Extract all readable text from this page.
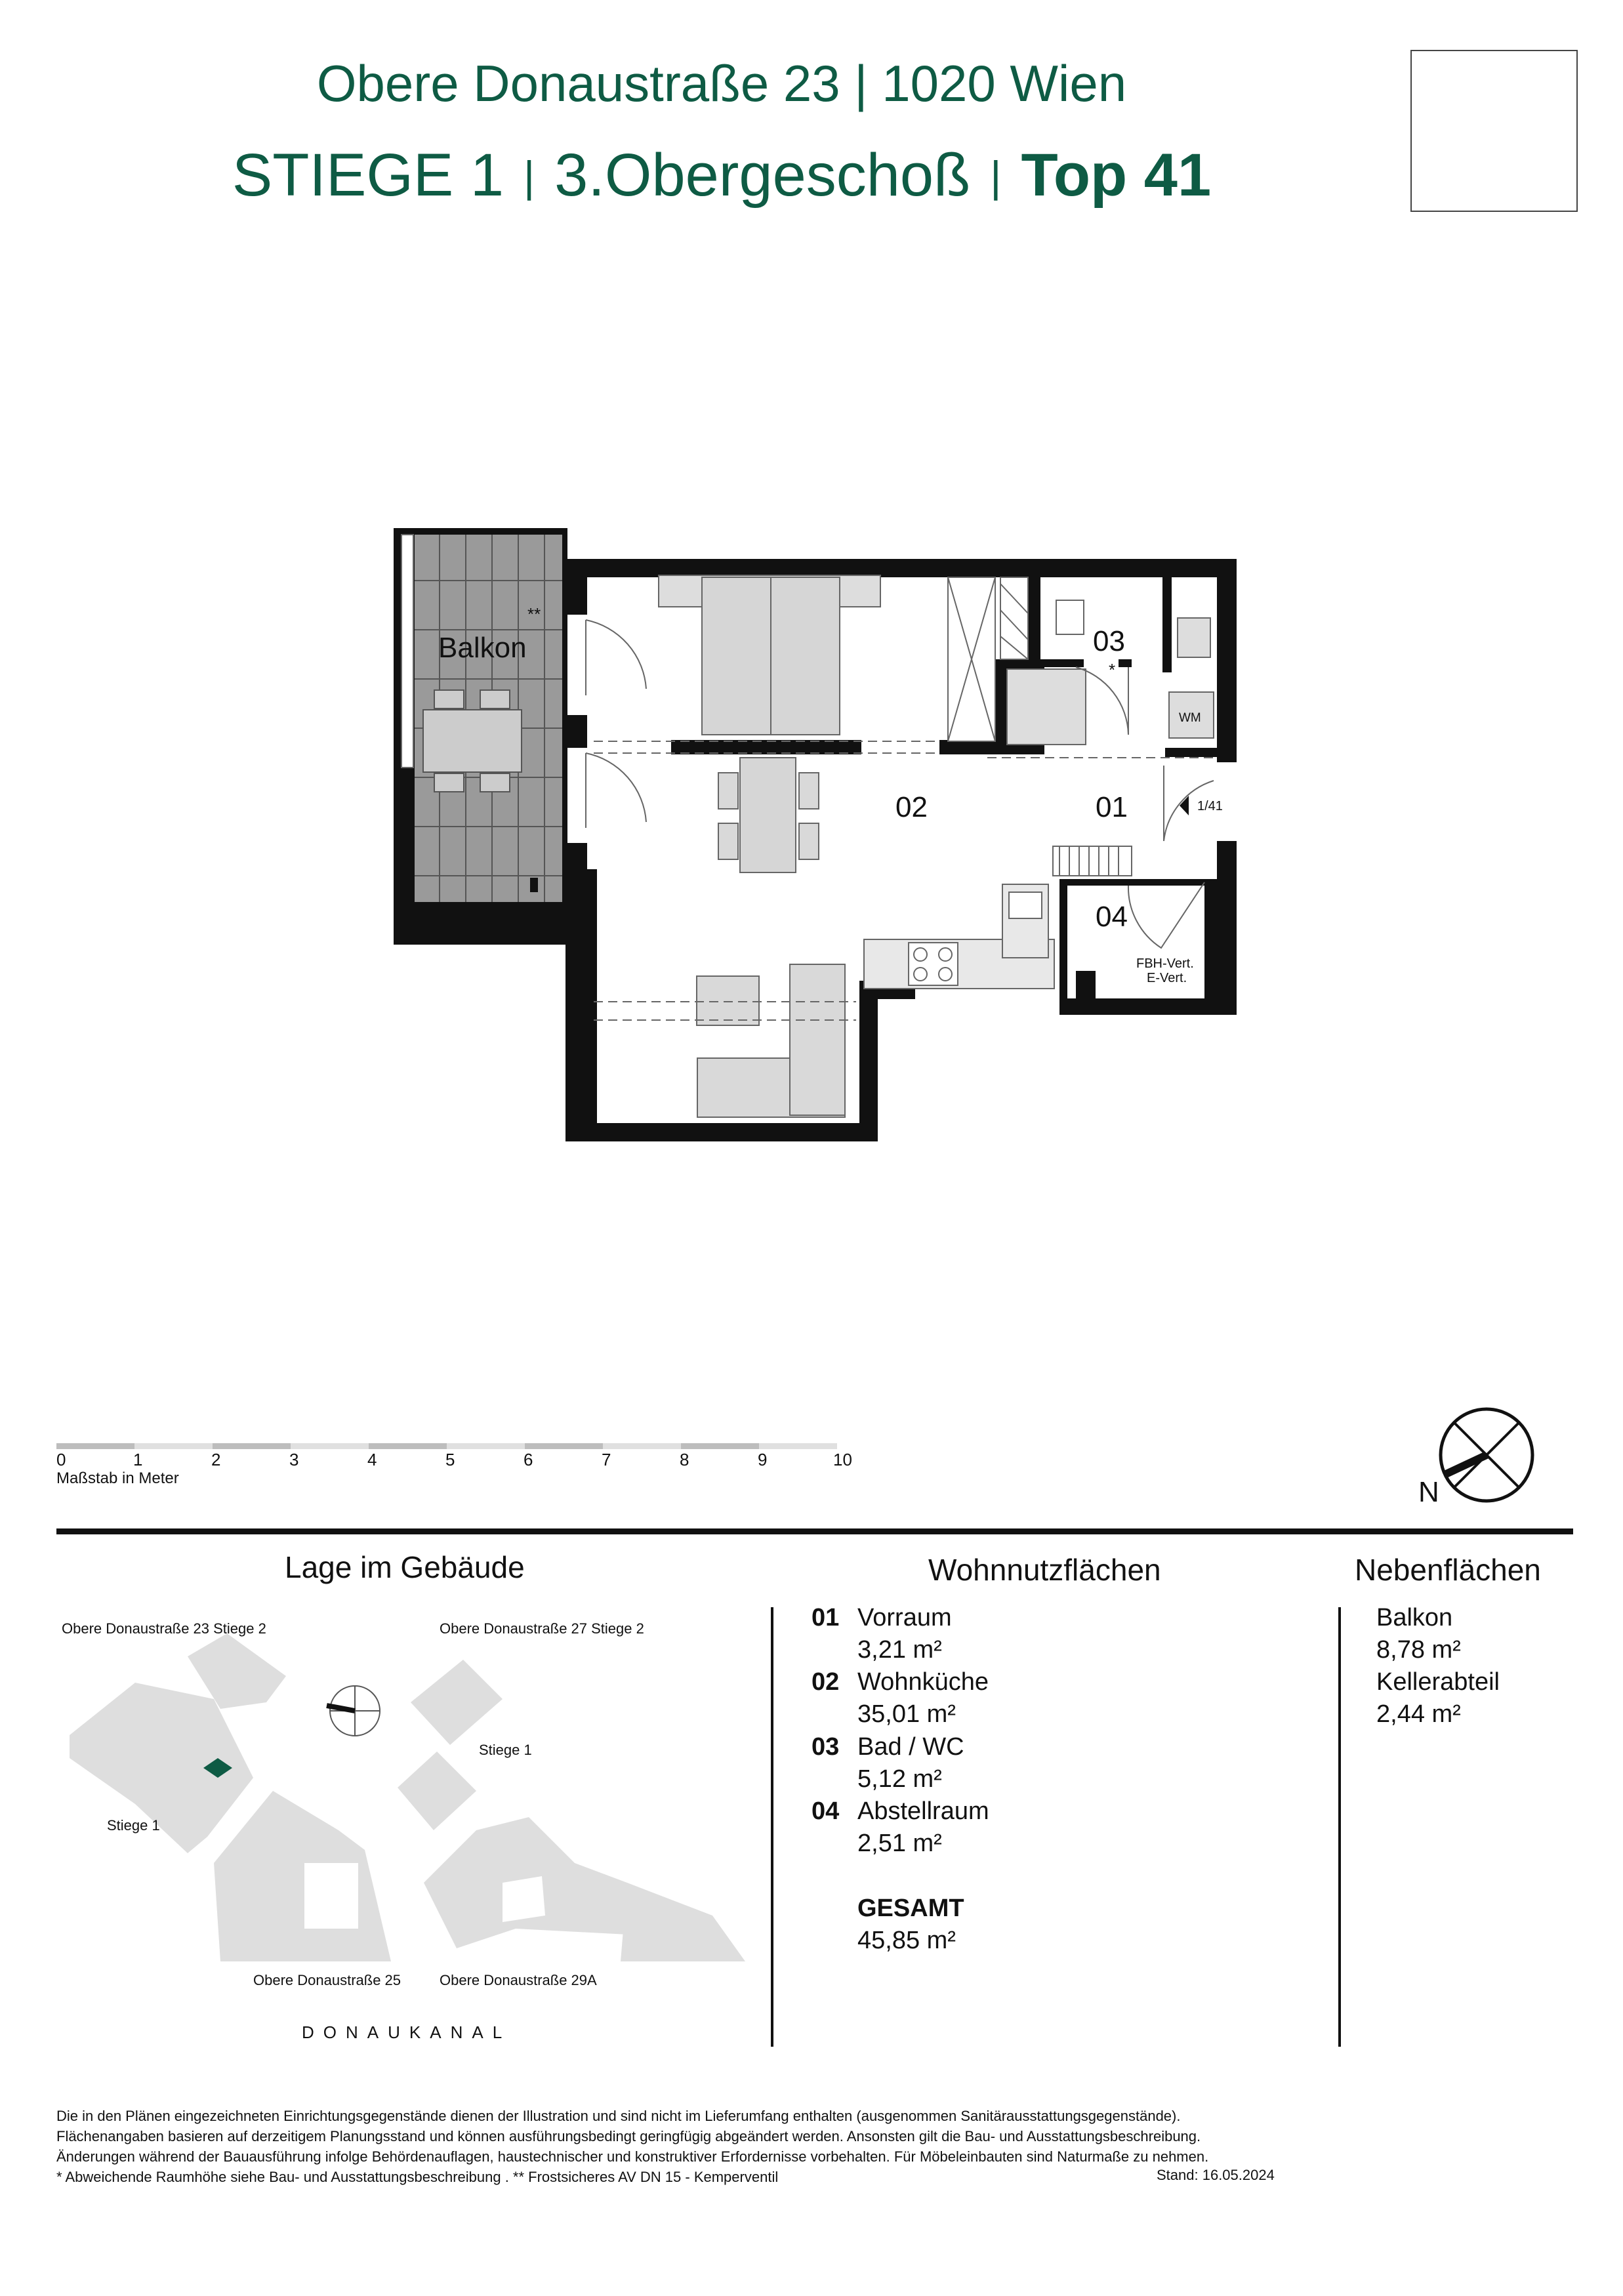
Obere Donaustraße 23 | 1020 Wien
STIEGE 1 | 3.Obergeschoß | Top 41
Balkon
**
02	01
03
*
04
1/41
WM
FBH-Vert.
E-Vert.
0	1	2	3	4	5	6	7	8	9	10
Maßstab in Meter	N
Lage im Gebäude
Obere Donaustraße 23 Stiege 2	Obere Donaustraße 27 Stiege 2
Stiege 1
Stiege 1
Obere Donaustraße 25	Obere Donaustraße 29A
DONAUKANAL
Wohnnutzflächen
01 Vorraum
3,21 m²
02 Wohnküche
35,01 m²
03 Bad / WC
5,12 m²
04 Abstellraum
2,51 m²
GESAMT
45,85 m²
Nebenflächen
Balkon
8,78 m²
Kellerabteil
2,44 m²
Die in den Plänen eingezeichneten Einrichtungsgegenstände dienen der Illustration und sind nicht im Lieferumfang enthalten (ausgenommen Sanitärausstattungsgegenstände).
Flächenangaben basieren auf derzeitigem Planungsstand und können ausführungsbedingt geringfügig abgeändert werden. Ansonsten gilt die Bau- und Ausstattungsbeschreibung.
Änderungen während der Bauausführung infolge Behördenauflagen, haustechnischer und konstruktiver Erfordernisse vorbehalten. Für Möbeleinbauten sind Naturmaße zu nehmen.
* Abweichende Raumhöhe siehe Bau- und Ausstattungsbeschreibung . ** Frostsicheres AV DN 15 - Kemperventil	Stand: 16.05.2024
